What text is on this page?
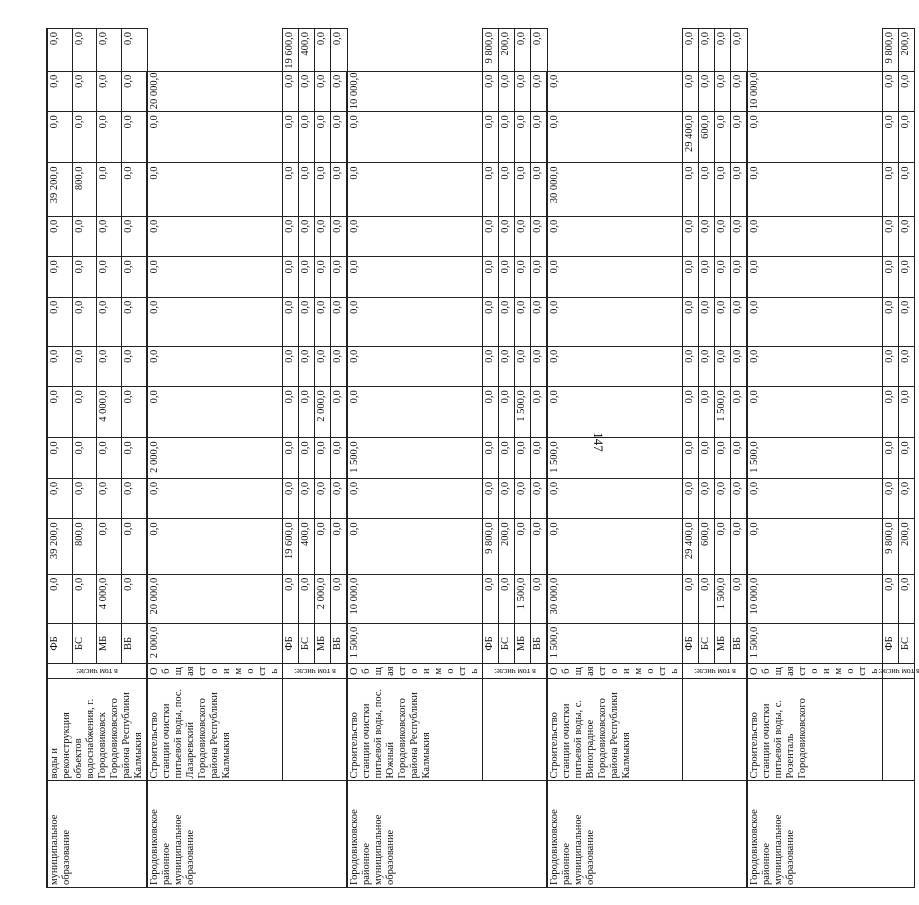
147
муниципальное образование	воды и реконструкция объектов водоснабжения, г. Городовиковск Городовиковского района Республики Калмыкия	в том числе:	ФБ	0,0	39 200,0	0,0	0,0	0,0	0,0	0,0	0,0	0,0	39 200,0	0,0	0,0	0,0
			БС	0,0	800,0	0,0	0,0	0,0	0,0	0,0	0,0	0,0	800,0	0,0	0,0	0,0
			МБ	4 000,0	0,0	0,0	0,0	4 000,0	0,0	0,0	0,0	0,0	0,0	0,0	0,0	0,0
			ВБ	0,0	0,0	0,0	0,0	0,0	0,0	0,0	0,0	0,0	0,0	0,0	0,0	0,0
Городовиковское районное муниципальное образование	Строительство станции очистки питьевой воды, пос. Лазаревский Городовиковского района Республики Калмыкия	Общая стоимость	2 000,0	20 000,0	0,0	0,0	2 000,0	0,0	0,0	0,0	0,0	0,0	0,0	0,0	20 000,0	

		в том числе:	ФБ	0,0	19 600,0	0,0	0,0	0,0	0,0	0,0	0,0	0,0	0,0	0,0	0,0	19 600,0
			БС	0,0	400,0	0,0	0,0	0,0	0,0	0,0	0,0	0,0	0,0	0,0	0,0	400,0
			МБ	2 000,0	0,0	0,0	0,0	2 000,0	0,0	0,0	0,0	0,0	0,0	0,0	0,0	0,0
			ВБ	0,0	0,0	0,0	0,0	0,0	0,0	0,0	0,0	0,0	0,0	0,0	0,0	0,0
Городовиковское районное муниципальное образование	Строительство станции очистки питьевой воды, пос. Южный Городовиковского района Республики Калмыкия	Общая стоимость	1 500,0	10 000,0	0,0	0,0	1 500,0	0,0	0,0	0,0	0,0	0,0	0,0	0,0	10 000,0	

		в том числе:	ФБ	0,0	9 800,0	0,0	0,0	0,0	0,0	0,0	0,0	0,0	0,0	0,0	0,0	9 800,0
			БС	0,0	200,0	0,0	0,0	0,0	0,0	0,0	0,0	0,0	0,0	0,0	0,0	200,0
			МБ	1 500,0	0,0	0,0	0,0	1 500,0	0,0	0,0	0,0	0,0	0,0	0,0	0,0	0,0
			ВБ	0,0	0,0	0,0	0,0	0,0	0,0	0,0	0,0	0,0	0,0	0,0	0,0	0,0
Городовиковское районное муниципальное образование	Строительство станции очистки питьевой воды, с. Виноградное Городовиковского района Республики Калмыкия	Общая стоимость	1 500,0	30 000,0	0,0	0,0	1 500,0	0,0	0,0	0,0	0,0	0,0	30 000,0	0,0	0,0	

		в том числе:	ФБ	0,0	29 400,0	0,0	0,0	0,0	0,0	0,0	0,0	0,0	0,0	29 400,0	0,0	0,0
			БС	0,0	600,0	0,0	0,0	0,0	0,0	0,0	0,0	0,0	0,0	600,0	0,0	0,0
			МБ	1 500,0	0,0	0,0	0,0	1 500,0	0,0	0,0	0,0	0,0	0,0	0,0	0,0	0,0
			ВБ	0,0	0,0	0,0	0,0	0,0	0,0	0,0	0,0	0,0	0,0	0,0	0,0	0,0
Городовиковское районное муниципальное образование	Строительство станции очистки питьевой воды, с. Розенталь Городовиковского	Общая стоимость	1 500,0	10 000,0	0,0	0,0	1 500,0	0,0	0,0	0,0	0,0	0,0	0,0	0,0	10 000,0	

		в том числе:	ФБ	0,0	9 800,0	0,0	0,0	0,0	0,0	0,0	0,0	0,0	0,0	0,0	0,0	9 800,0
			БС	0,0	200,0	0,0	0,0	0,0	0,0	0,0	0,0	0,0	0,0	0,0	0,0	200,0
